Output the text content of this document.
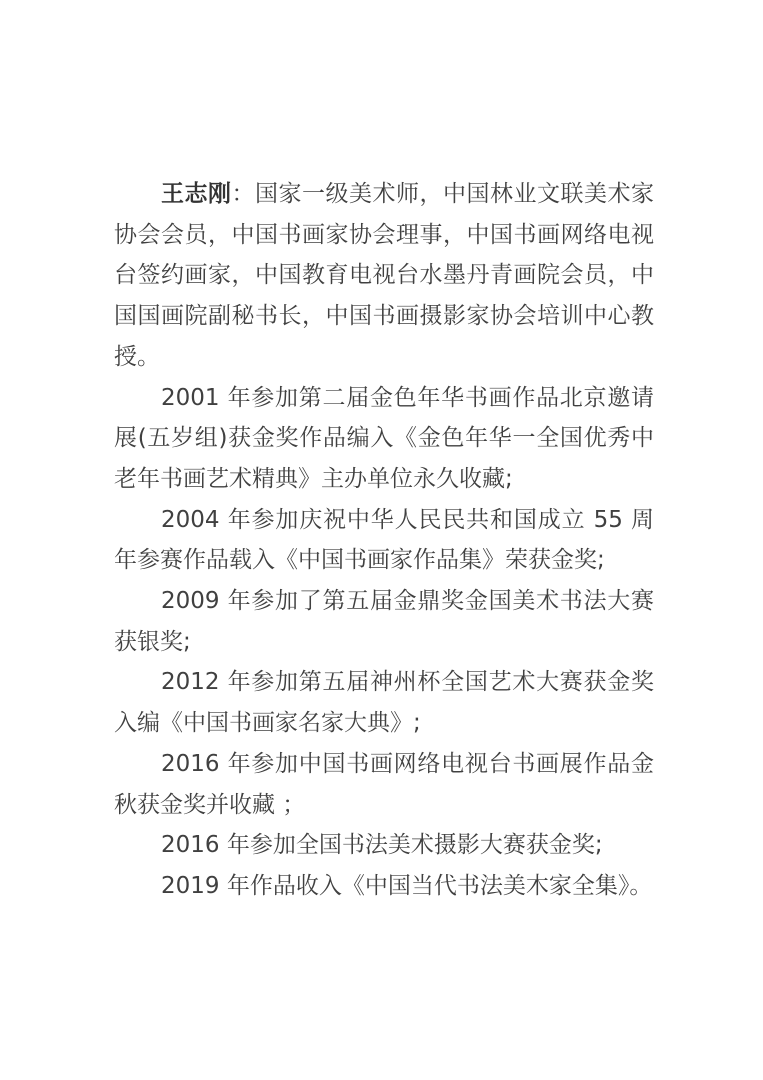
王志刚：国家一级美术师，中国林业文联美术家协会会员，中国书画家协会理事，中国书画网络电视台签约画家，中国教育电视台水墨丹青画院会员，中国国画院副秘书长，中国书画摄影家协会培训中心教授。

2001 年参加第二届金色年华书画作品北京邀请展(五岁组)获金奖作品编入《金色年华一全国优秀中老年书画艺术精典》主办单位永久收藏;

2004 年参加庆祝中华人民民共和国成立 55 周年参赛作品载入《中国书画家作品集》荣获金奖;

2009 年参加了第五届金鼎奖金国美术书法大赛获银奖;

2012 年参加第五届神州杯全国艺术大赛获金奖入编《中国书画家名家大典》;

2016 年参加中国书画网络电视台书画展作品金秋获金奖并收藏 ；

2016 年参加全国书法美术摄影大赛获金奖;

2019 年作品收入《中国当代书法美木家全集》。
